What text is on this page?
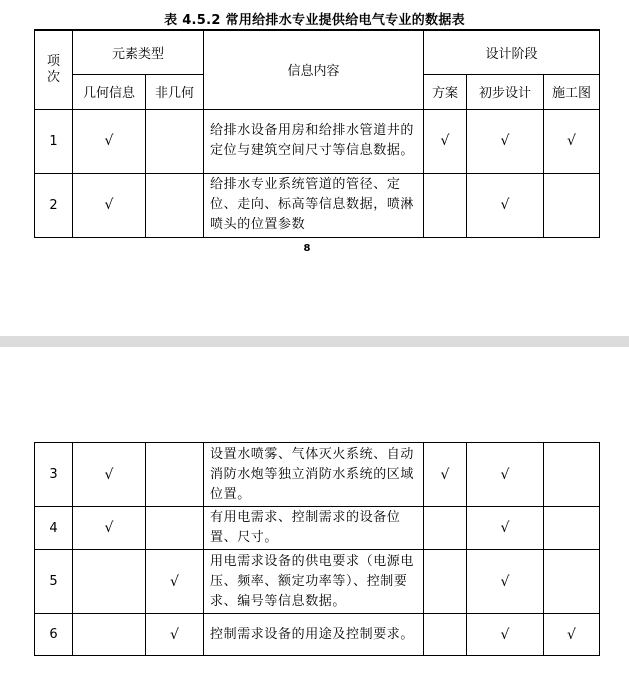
表 4.5.2 常用给排水专业提供给电气专业的数据表
项
次	元素类型		信息内容	设计阶段		
	几何信息	非几何		方案	初步设计	施工图
1	√		给排水设备用房和给排水管道井的定位与建筑空间尺寸等信息数据。	√	√	√
2	√		给排水专业系统管道的管径、定位、走向、标高等信息数据，喷淋喷头的位置参数		√	
8
3	√		设置水喷雾、气体灭火系统、自动消防水炮等独立消防水系统的区域位置。	√	√	
4	√		有用电需求、控制需求的设备位置、尺寸。		√	
5		√	用电需求设备的供电要求（电源电压、频率、额定功率等）、控制要求、编号等信息数据。		√	
6		√	控制需求设备的用途及控制要求。		√	√
